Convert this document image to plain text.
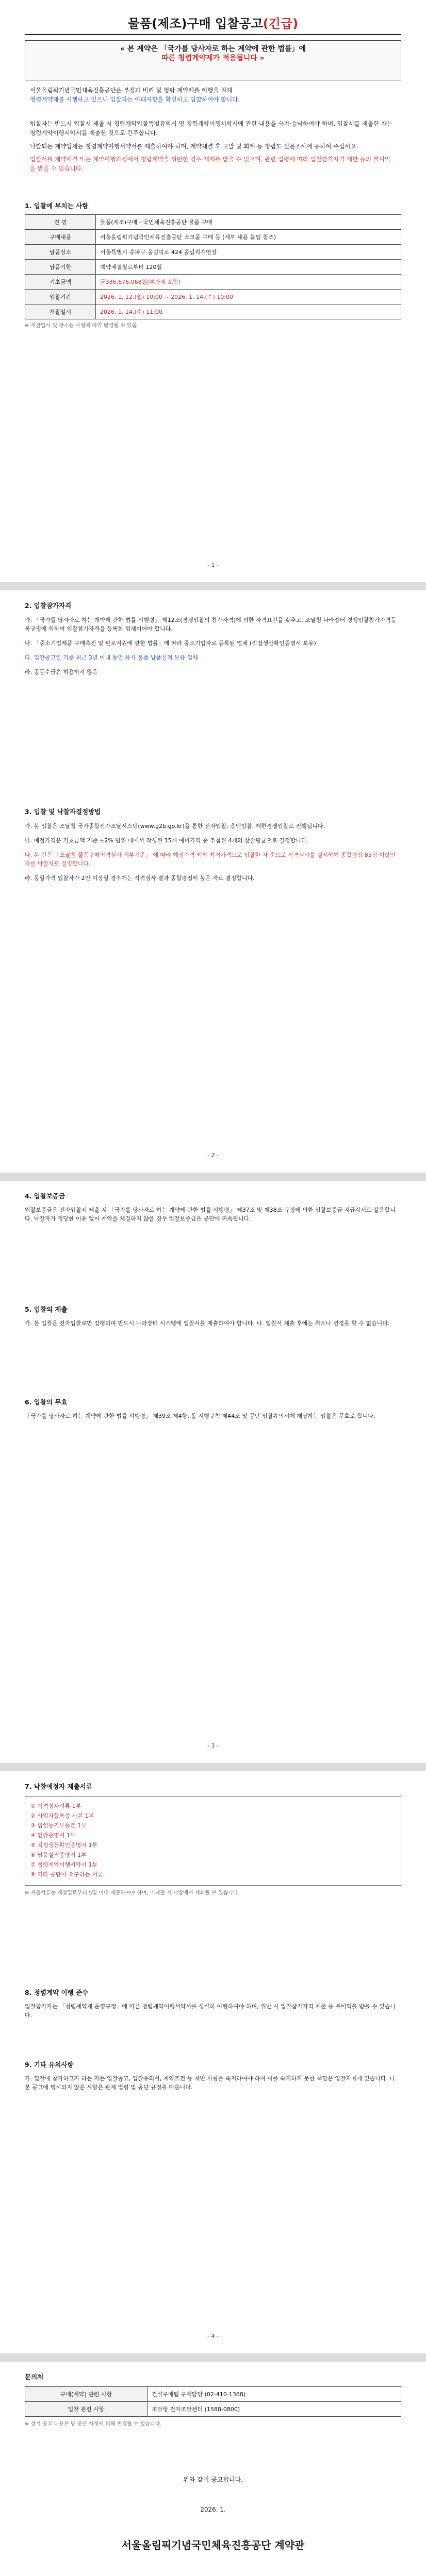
물품(제조)구매 입찰공고(긴급)
« 본 계약은 「국가를 당사자로 하는 계약에 관한 법률」에
따른 청렴계약제가 적용됩니다 »
서울올림픽기념국민체육진흥공단은 부정과 비리 및 청탁 계약제를 이행을 위해
청렴계약제를 시행하고 있으니 입찰자는 아래사항을 확인하고 입찰하여야 합니다.

입찰자는 반드시 입찰서 제출 시 청렴계약입찰특별유의서 및 청렴계약이행서약서에 관한 내용을 숙지·승낙하여야 하며, 입찰서를 제출한 자는 청렴계약이행서약서를 제출한 것으로 간주합니다.

낙찰되는 계약업체는 청렴계약이행서약서를 제출하여야 하며, 계약체결 후 고발 및 회계 등 청렴도 설문조사에 응하여 주십시오.

입찰서를 계약체결 또는 계약이행과정에서 청렴계약을 위반한 경우 제재를 받을 수 있으며, 관련 법령에 따라 입찰참가자격 제한 등의 불이익을 받을 수 있습니다.

1. 입찰에 부치는 사항
건 명	물품(제조)구매 - 국민체육진흥공단 물품 구매
구매내용	서울올림픽기념국민체육진흥공단 소모품 구매 등 (세부 내용 붙임 참조)
납품장소	서울특별시 송파구 올림픽로 424 올림픽수영장
납품기한	계약체결일로부터 120일
기초금액	금336,676,068원(부가세 포함)
입찰기간	2026. 1. 12.(월) 10:00 ~ 2026. 1. 14.(수) 10:00
개찰일시	2026. 1. 14.(수) 11:00
※ 개찰일시 및 장소는 사정에 따라 변경될 수 있음
- 1 -
2. 입찰참가자격

가. 「국가를 당사자로 하는 계약에 관한 법률 시행령」 제12조(경쟁입찰의 참가자격)에 의한 자격요건을 갖추고, 조달청 나라장터 경쟁입찰참가자격등록규정에 의하여 입찰참가자격을 등록한 업체이어야 합니다.

나. 「중소기업제품 구매촉진 및 판로지원에 관한 법률」에 따라 중소기업자로 등록된 업체 (직접생산확인증명서 보유)

다. 입찰공고일 기준 최근 3년 이내 동일 유사 물품 납품실적 보유 업체

라. 공동수급은 허용하지 않음

3. 입찰 및 낙찰자결정방법

가. 본 입찰은 조달청 국가종합전자조달시스템(www.g2b.go.kr)을 통한 전자입찰, 총액입찰, 제한경쟁입찰로 진행됩니다.

나. 예정가격은 기초금액 기준 ±2% 범위 내에서 작성된 15개 예비가격 중 추첨된 4개의 산술평균으로 결정합니다.

다. 본 건은 「조달청 물품구매적격심사 세부기준」 에 따라 예정가격 이하 최저가격으로 입찰한 자 순으로 적격심사를 실시하여 종합평점 85점 이상인 자를 낙찰자로 결정합니다.

라. 동일가격 입찰자가 2인 이상일 경우에는 적격심사 결과 종합평점이 높은 자로 결정합니다.

- 2 -
4. 입찰보증금
입찰보증금은 전자입찰서 제출 시 「국가를 당사자로 하는 계약에 관한 법률 시행령」 제37조 및 제38조 규정에 의한 입찰보증금 지급각서로 갈음합니다. 낙찰자가 정당한 이유 없이 계약을 체결하지 않을 경우 입찰보증금은 공단에 귀속됩니다.
5. 입찰의 제출
가. 본 입찰은 전자입찰로만 집행되며 반드시 나라장터 시스템에 입찰서를 제출하여야 합니다. 나. 입찰서 제출 후에는 취소나 변경을 할 수 없습니다.
6. 입찰의 무효
「국가를 당사자로 하는 계약에 관한 법률 시행령」 제39조 제4항, 동 시행규칙 제44조 및 공단 입찰유의서에 해당하는 입찰은 무효로 합니다.
- 3 -
7. 낙찰예정자 제출서류

① 적격심사서류 1부

② 사업자등록증 사본 1부

③ 법인등기부등본 1부

④ 인감증명서 1부

⑤ 직접생산확인증명서 1부

⑥ 납품실적증명서 1부

⑦ 청렴계약이행서약서 1부

⑧ 기타 공단이 요구하는 서류

※ 제출서류는 개찰일로부터 5일 이내 제출하여야 하며, 미제출 시 낙찰에서 제외될 수 있습니다.
8. 청렴계약 이행 준수
입찰참가자는 「청렴계약제 운영규정」에 따른 청렴계약이행서약서를 성실히 이행하여야 하며, 위반 시 입찰참가자격 제한 등 불이익을 받을 수 있습니다.
9. 기타 유의사항
가. 입찰에 참가하고자 하는 자는 입찰공고, 입찰유의서, 계약조건 등 제반 사항을 숙지하여야 하며 이를 숙지하지 못한 책임은 입찰자에게 있습니다. 나. 본 공고에 명시되지 않은 사항은 관계 법령 및 공단 규정을 따릅니다.
- 4 -
문의처
구매(계약) 관련 사항	건설구매팀 구매담당 (02-410-1368)
입찰 관련 사항	조달청 전자조달센터 (1588-0800)
※ 상기 공고 내용은 당 공단 사정에 의해 변경될 수 있습니다.
위와 같이 공고합니다.
2026. 1.
서울올림픽기념국민체육진흥공단 계약관
